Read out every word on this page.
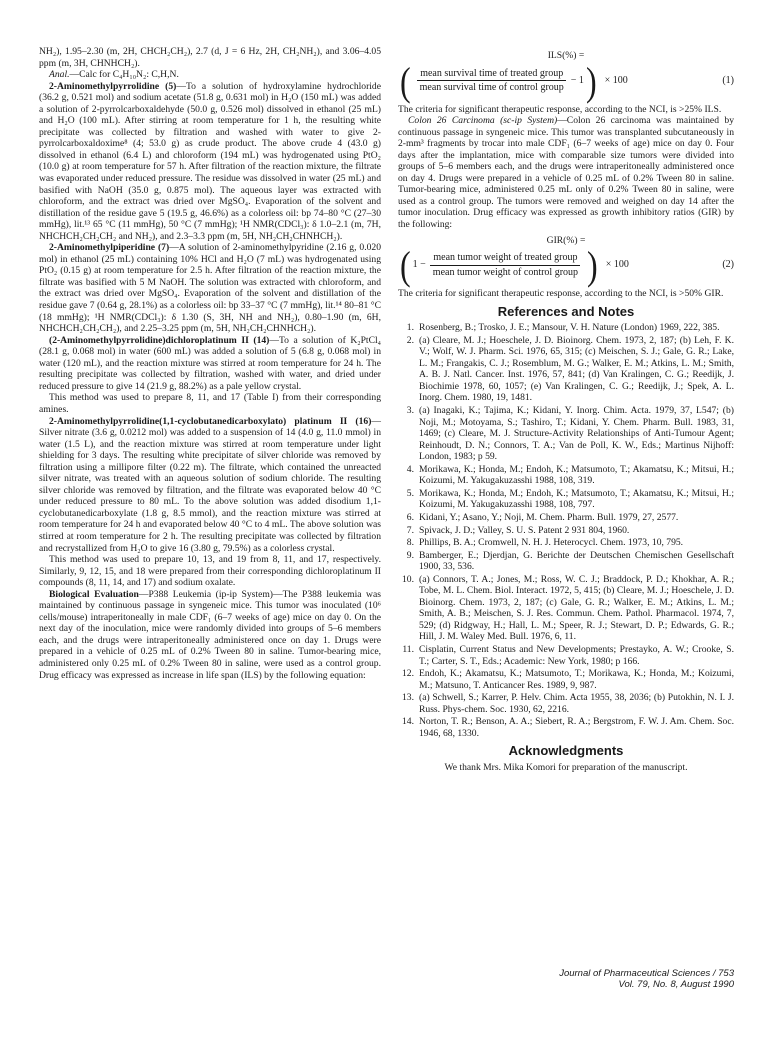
NH₂), 1.95–2.30 (m, 2H, CHCH₂CH₂), 2.7 (d, J = 6 Hz, 2H, CH₂NH₂), and 3.06–4.05 ppm (m, 3H, CHNHCH₂).

Anal.—Calc for C₄H₁₀N₂: C,H,N.

2-Aminomethylpyrrolidine (5)—To a solution of hydroxylamine hydrochloride (36.2 g, 0.521 mol) and sodium acetate (51.8 g, 0.631 mol) in H₂O (150 mL) was added a solution of 2-pyrrolcarboxaldehyde (50.0 g, 0.526 mol) dissolved in ethanol (25 mL) and H₂O (100 mL). After stirring at room temperature for 1 h, the resulting white precipitate was collected by filtration and washed with water to give 2-pyrrolcarboxaldoxime⁸ (4; 53.0 g) as crude product. The above crude 4 (43.0 g) dissolved in ethanol (6.4 L) and chloroform (194 mL) was hydrogenated using PtO₂ (10.0 g) at room temperature for 57 h. After filtration of the reaction mixture, the filtrate was evaporated under reduced pressure. The residue was dissolved in water (25 mL) and basified with NaOH (35.0 g, 0.875 mol). The aqueous layer was extracted with chloroform, and the extract was dried over MgSO₄. Evaporation of the solvent and distillation of the residue gave 5 (19.5 g, 46.6%) as a colorless oil: bp 74–80 °C (27–30 mmHg), lit.¹³ 65 °C (11 mmHg), 50 °C (7 mmHg); ¹H NMR(CDCl₃): δ 1.0–2.1 (m, 7H, NHCHCH₂CH₂CH₂ and NH₂), and 2.3–3.3 ppm (m, 5H, NH₂CH₂CHNHCH₂).

2-Aminomethylpiperidine (7)—A solution of 2-aminomethylpyridine (2.16 g, 0.020 mol) in ethanol (25 mL) containing 10% HCl and H₂O (7 mL) was hydrogenated using PtO₂ (0.15 g) at room temperature for 2.5 h. After filtration of the reaction mixture, the filtrate was basified with 5 M NaOH. The solution was extracted with chloroform, and the extract was dried over MgSO₄. Evaporation of the solvent and distillation of the residue gave 7 (0.64 g, 28.1%) as a colorless oil: bp 33–37 °C (7 mmHg), lit.¹⁴ 80–81 °C (18 mmHg); ¹H NMR(CDCl₃): δ 1.30 (S, 3H, NH and NH₂), 0.80–1.90 (m, 6H, NHCHCH₂CH₂CH₂), and 2.25–3.25 ppm (m, 5H, NH₂CH₂CHNHCH₂).

(2-Aminomethylpyrrolidine)dichloroplatinum II (14)—To a solution of K₂PtCl₄ (28.1 g, 0.068 mol) in water (600 mL) was added a solution of 5 (6.8 g, 0.068 mol) in water (120 mL), and the reaction mixture was stirred at room temperature for 24 h. The resulting precipitate was collected by filtration, washed with water, and dried under reduced pressure to give 14 (21.9 g, 88.2%) as a pale yellow crystal.

This method was used to prepare 8, 11, and 17 (Table I) from their corresponding amines.

2-Aminomethylpyrrolidine(1,1-cyclobutanedicarboxylato) platinum II (16)—Silver nitrate (3.6 g, 0.0212 mol) was added to a suspension of 14 (4.0 g, 11.0 mmol) in water (1.5 L), and the reaction mixture was stirred at room temperature under light shielding for 3 days. The resulting white precipitate of silver chloride was removed by filtration using a millipore filter (0.22 m). The filtrate, which contained the unreacted silver nitrate, was treated with an aqueous solution of sodium chloride. The resulting silver chloride was removed by filtration, and the filtrate was evaporated below 40 °C under reduced pressure to 80 mL. To the above solution was added disodium 1,1-cyclobutanedicarboxylate (1.8 g, 8.5 mmol), and the reaction mixture was stirred at room temperature for 24 h and evaporated below 40 °C to 4 mL. The above solution was stirred at room temperature for 2 h. The resulting precipitate was collected by filtration and recrystallized from H₂O to give 16 (3.80 g, 79.5%) as a colorless crystal.

This method was used to prepare 10, 13, and 19 from 8, 11, and 17, respectively. Similarly, 9, 12, 15, and 18 were prepared from their corresponding dichloroplatinum II compounds (8, 11, 14, and 17) and sodium oxalate.

Biological Evaluation—P388 Leukemia (ip-ip System)—The P388 leukemia was maintained by continuous passage in syngeneic mice. This tumor was inoculated (10⁶ cells/mouse) intraperitoneally in male CDF₁ (6–7 weeks of age) mice on day 0. On the next day of the inoculation, mice were randomly divided into groups of 5–6 members each, and the drugs were intraperitoneally administered once on day 1. Drugs were prepared in a vehicle of 0.25 mL of 0.2% Tween 80 in saline. Tumor-bearing mice, administered only 0.25 mL of 0.2% Tween 80 in saline, were used as a control group. Drug efficacy was expressed as increase in life span (ILS) by the following equation:

ILS(%) =
( $\frac{\text{mean survival time of treated group}}{\text{mean survival time of control group}} - 1$ ) × 100	(1)

The criteria for significant therapeutic response, according to the NCI, is >25% ILS.

Colon 26 Carcinoma (sc-ip System)—Colon 26 carcinoma was maintained by continuous passage in syngeneic mice. This tumor was transplanted subcutaneously in 2-mm³ fragments by trocar into male CDF₁ (6–7 weeks of age) mice on day 0. Four days after the implantation, mice with comparable size tumors were divided into groups of 5–6 members each, and the drugs were intraperitoneally administered once on day 4. Drugs were prepared in a vehicle of 0.25 mL of 0.2% Tween 80 in saline. Tumor-bearing mice, administered 0.25 mL only of 0.2% Tween 80 in saline, were used as a control group. The tumors were removed and weighed on day 14 after the tumor inoculation. Drug efficacy was expressed as growth inhibitory ratios (GIR) by the following:

GIR(%) =
( $1 - \frac{\text{mean tumor weight of treated group}}{\text{mean tumor weight of control group}}$ ) × 100	(2)

The criteria for significant therapeutic response, according to the NCI, is >50% GIR.

References and Notes
1. Rosenberg, B.; Trosko, J. E.; Mansour, V. H. Nature (London) 1969, 222, 385.
2. (a) Cleare, M. J.; Hoeschele, J. D. Bioinorg. Chem. 1973, 2, 187; (b) Leh, F. K. V.; Wolf, W. J. Pharm. Sci. 1976, 65, 315; (c) Meischen, S. J.; Gale, G. R.; Lake, L. M.; Frangakis, C. J.; Rosemblum, M. G.; Walker, E. M.; Atkins, L. M.; Smith, A. B. J. Natl. Cancer. Inst. 1976, 57, 841; (d) Van Kralingen, C. G.; Reedijk, J. Biochimie 1978, 60, 1057; (e) Van Kralingen, C. G.; Reedijk, J.; Spek, A. L. Inorg. Chem. 1980, 19, 1481.
3. (a) Inagaki, K.; Tajima, K.; Kidani, Y. Inorg. Chim. Acta. 1979, 37, L547; (b) Noji, M.; Motoyama, S.; Tashiro, T.; Kidani, Y. Chem. Pharm. Bull. 1983, 31, 1469; (c) Cleare, M. J. Structure-Activity Relationships of Anti-Tumour Agent; Reinhoudt, D. N.; Connors, T. A.; Van de Poll, K. W., Eds.; Martinus Nijhoff: London, 1983; p 59.
4. Morikawa, K.; Honda, M.; Endoh, K.; Matsumoto, T.; Akamatsu, K.; Mitsui, H.; Koizumi, M. Yakugakuzasshi 1988, 108, 319.
5. Morikawa, K.; Honda, M.; Endoh, K.; Matsumoto, T.; Akamatsu, K.; Mitsui, H.; Koizumi, M. Yakugakuzasshi 1988, 108, 797.
6. Kidani, Y.; Asano, Y.; Noji, M. Chem. Pharm. Bull. 1979, 27, 2577.
7. Spivack, J. D.; Valley, S. U. S. Patent 2 931 804, 1960.
8. Phillips, B. A.; Cromwell, N. H. J. Heterocycl. Chem. 1973, 10, 795.
9. Bamberger, E.; Djerdjan, G. Berichte der Deutschen Chemischen Gesellschaft 1900, 33, 536.
10. (a) Connors, T. A.; Jones, M.; Ross, W. C. J.; Braddock, P. D.; Khokhar, A. R.; Tobe, M. L. Chem. Biol. Interact. 1972, 5, 415; (b) Cleare, M. J.; Hoeschele, J. D. Bioinorg. Chem. 1973, 2, 187; (c) Gale, G. R.; Walker, E. M.; Atkins, L. M.; Smith, A. B.; Meischen, S. J. Res. Commun. Chem. Pathol. Pharmacol. 1974, 7, 529; (d) Ridgway, H.; Hall, L. M.; Speer, R. J.; Stewart, D. P.; Edwards, G. R.; Hill, J. M. Waley Med. Bull. 1976, 6, 11.
11. Cisplatin, Current Status and New Developments; Prestayko, A. W.; Crooke, S. T.; Carter, S. T., Eds.; Academic: New York, 1980; p 166.
12. Endoh, K.; Akamatsu, K.; Matsumoto, T.; Morikawa, K.; Honda, M.; Koizumi, M.; Matsuno, T. Anticancer Res. 1989, 9, 987.
13. (a) Schwell, S.; Karrer, P. Helv. Chim. Acta 1955, 38, 2036; (b) Putokhin, N. I. J. Russ. Phys-chem. Soc. 1930, 62, 2216.
14. Norton, T. R.; Benson, A. A.; Siebert, R. A.; Bergstrom, F. W. J. Am. Chem. Soc. 1946, 68, 1330.
Acknowledgments

We thank Mrs. Mika Komori for preparation of the manuscript.

Journal of Pharmaceutical Sciences / 753
Vol. 79, No. 8, August 1990
